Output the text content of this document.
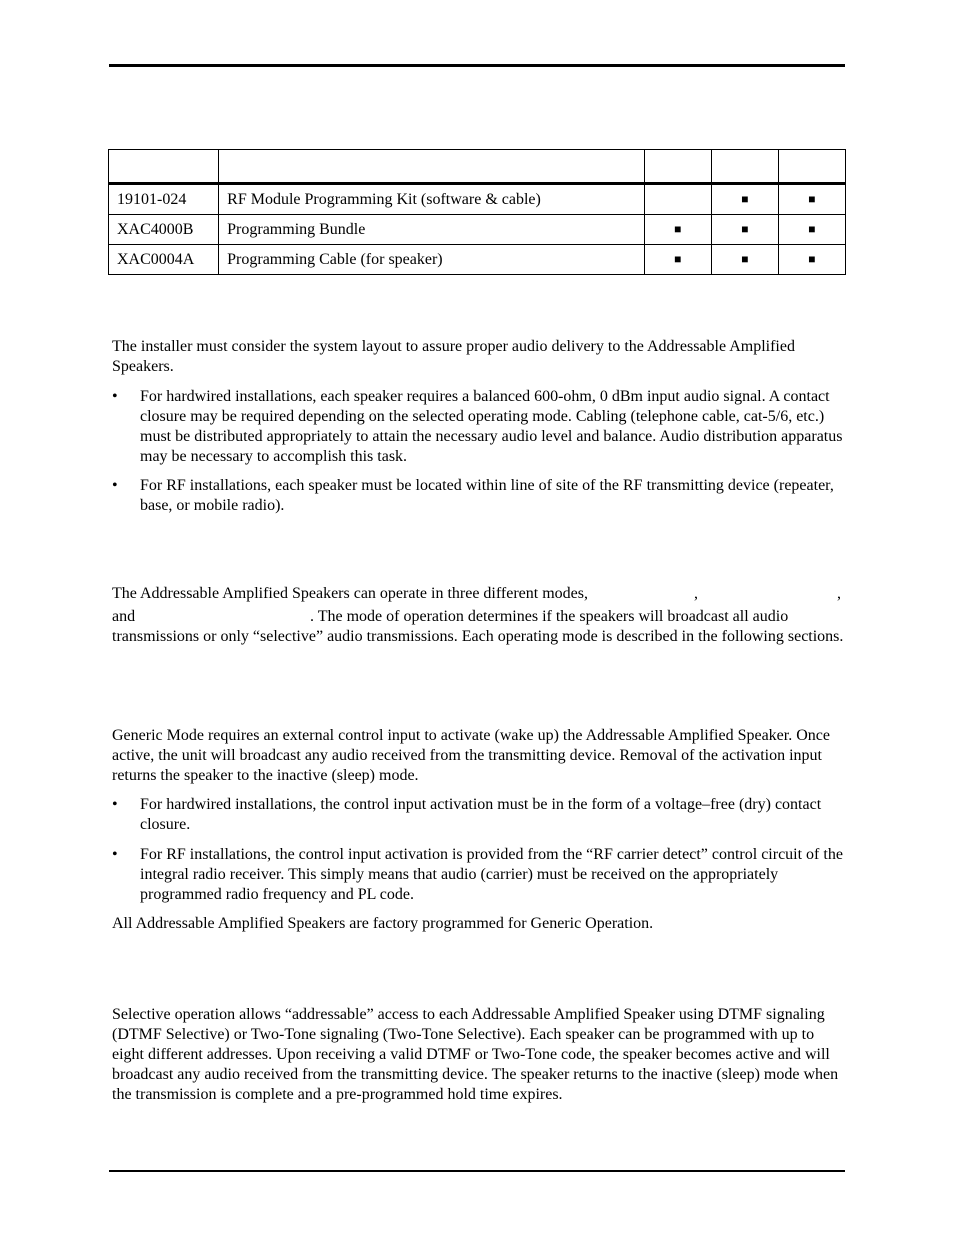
19101-024	RF Module Programming Kit (software & cable)		■	■
XAC4000B	Programming Bundle	■	■	■
XAC0004A	Programming Cable (for speaker)	■	■	■

The installer must consider the system layout to assure proper audio delivery to the Addressable Amplified Speakers.

•	For hardwired installations, each speaker requires a balanced 600-ohm, 0 dBm input audio signal. A contact closure may be required depending on the selected operating mode. Cabling (telephone cable, cat-5/6, etc.) must be distributed appropriately to attain the necessary audio level and balance. Audio distribution apparatus may be necessary to accomplish this task.
•	For RF installations, each speaker must be located within line of site of the RF transmitting device (repeater, base, or mobile radio).
The Addressable Amplified Speakers can operate in three different modes,	,	,
and	. The mode of operation determines if the speakers will broadcast all audio

transmissions or only “selective” audio transmissions. Each operating mode is described in the following sections.

Generic Mode requires an external control input to activate (wake up) the Addressable Amplified Speaker. Once active, the unit will broadcast any audio received from the transmitting device. Removal of the activation input returns the speaker to the inactive (sleep) mode.

•	For hardwired installations, the control input activation must be in the form of a voltage–free (dry) contact closure.
•	For RF installations, the control input activation is provided from the “RF carrier detect” control circuit of the integral radio receiver. This simply means that audio (carrier) must be received on the appropriately programmed radio frequency and PL code.

All Addressable Amplified Speakers are factory programmed for Generic Operation.

Selective operation allows “addressable” access to each Addressable Amplified Speaker using DTMF signaling (DTMF Selective) or Two-Tone signaling (Two-Tone Selective). Each speaker can be programmed with up to eight different addresses. Upon receiving a valid DTMF or Two-Tone code, the speaker becomes active and will broadcast any audio received from the transmitting device. The speaker returns to the inactive (sleep) mode when the transmission is complete and a pre-programmed hold time expires.
